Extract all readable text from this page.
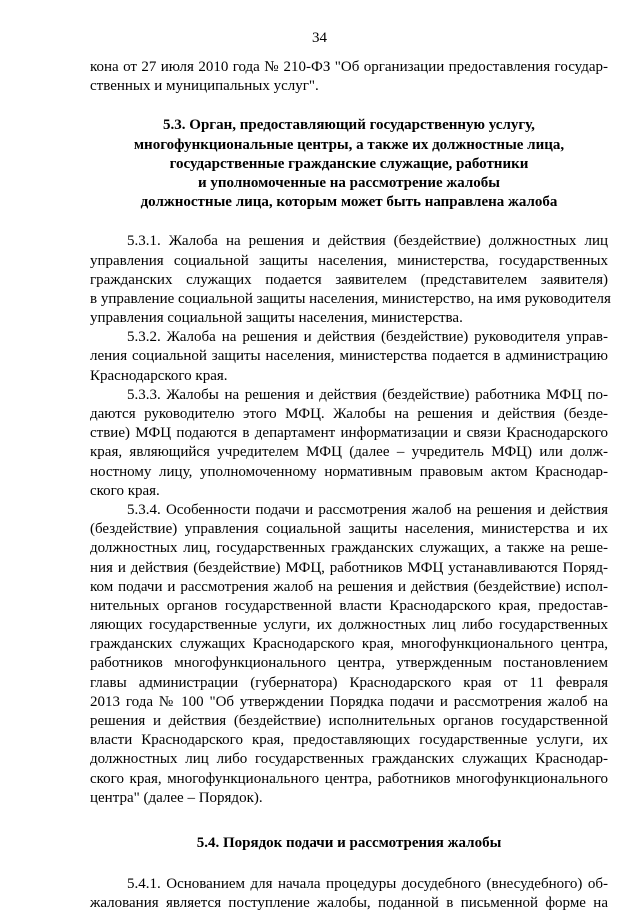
34
кона от 27 июля 2010 года № 210-ФЗ "Об организации предоставления государ-
ственных и муниципальных услуг".
5.3. Орган, предоставляющий государственную услугу,
многофункциональные центры, а также их должностные лица,
государственные гражданские служащие, работники
и уполномоченные на рассмотрение жалобы
должностные лица, которым может быть направлена жалоба
5.3.1. Жалоба на решения и действия (бездействие) должностных лиц
управления социальной защиты населения, министерства, государственных
гражданских служащих подается заявителем (представителем заявителя)
в управление социальной защиты населения, министерство, на имя руководителя
управления социальной защиты населения, министерства.
5.3.2. Жалоба на решения и действия (бездействие) руководителя управ-
ления социальной защиты населения, министерства подается в администрацию
Краснодарского края.
5.3.3. Жалобы на решения и действия (бездействие) работника МФЦ по-
даются руководителю этого МФЦ. Жалобы на решения и действия (безде-
ствие) МФЦ подаются в департамент информатизации и связи Краснодарского
края, являющийся учредителем МФЦ (далее – учредитель МФЦ) или долж-
ностному лицу, уполномоченному нормативным правовым актом Краснодар-
ского края.
5.3.4. Особенности подачи и рассмотрения жалоб на решения и действия
(бездействие) управления социальной защиты населения, министерства и их
должностных лиц, государственных гражданских служащих, а также на реше-
ния и действия (бездействие) МФЦ, работников МФЦ устанавливаются Поряд-
ком подачи и рассмотрения жалоб на решения и действия (бездействие) испол-
нительных органов государственной власти Краснодарского края, предостав-
ляющих государственные услуги, их должностных лиц либо государственных
гражданских служащих Краснодарского края, многофункционального центра,
работников многофункционального центра, утвержденным постановлением
главы администрации (губернатора) Краснодарского края от 11 февраля
2013 года № 100 "Об утверждении Порядка подачи и рассмотрения жалоб на
решения и действия (бездействие) исполнительных органов государственной
власти Краснодарского края, предоставляющих государственные услуги, их
должностных лиц либо государственных гражданских служащих Краснодар-
ского края, многофункционального центра, работников многофункционального
центра" (далее – Порядок).
5.4. Порядок подачи и рассмотрения жалобы
5.4.1. Основанием для начала процедуры досудебного (внесудебного) об-
жалования является поступление жалобы, поданной в письменной форме на
